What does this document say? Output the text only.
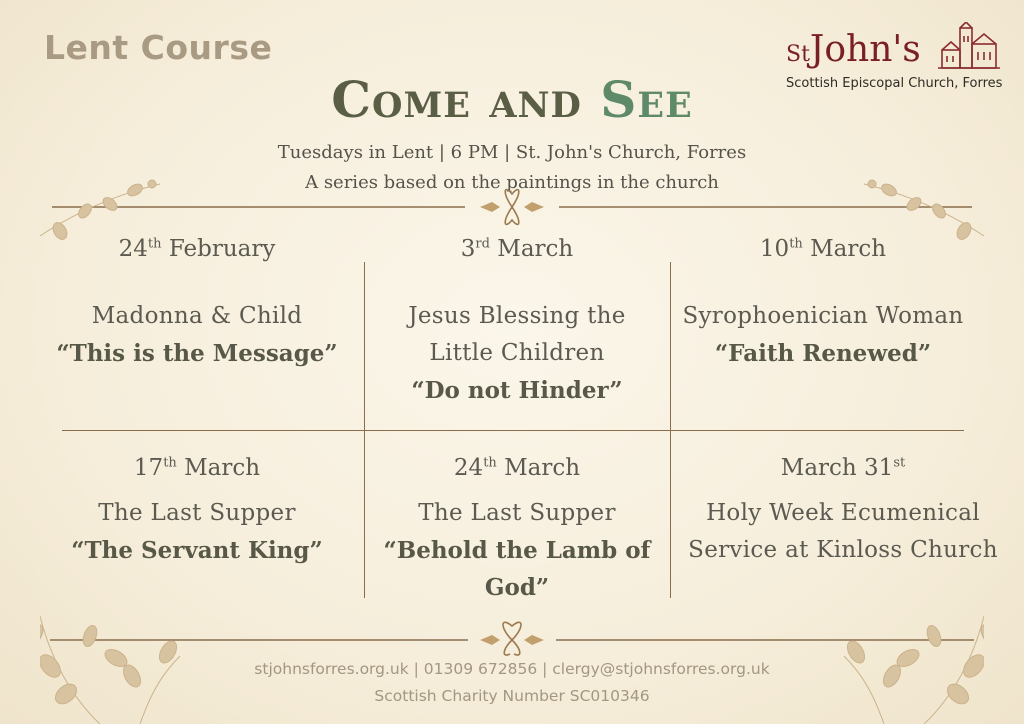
Lent Course
Come and See
StJohn's
Scottish Episcopal Church, Forres
Tuesdays in Lent | 6 PM | St. John's Church, Forres
A series based on the paintings in the church
24th February
Madonna & Child
“This is the Message”
3rd March
Jesus Blessing the Little Children
“Do not Hinder”
10th March
Syrophoenician Woman
“Faith Renewed”
17th March
The Last Supper
“The Servant King”
24th March
The Last Supper
“Behold the Lamb of God”
March 31st
Holy Week Ecumenical Service at Kinloss Church
stjohnsforres.org.uk | 01309 672856 | clergy@stjohnsforres.org.uk
Scottish Charity Number SC010346
